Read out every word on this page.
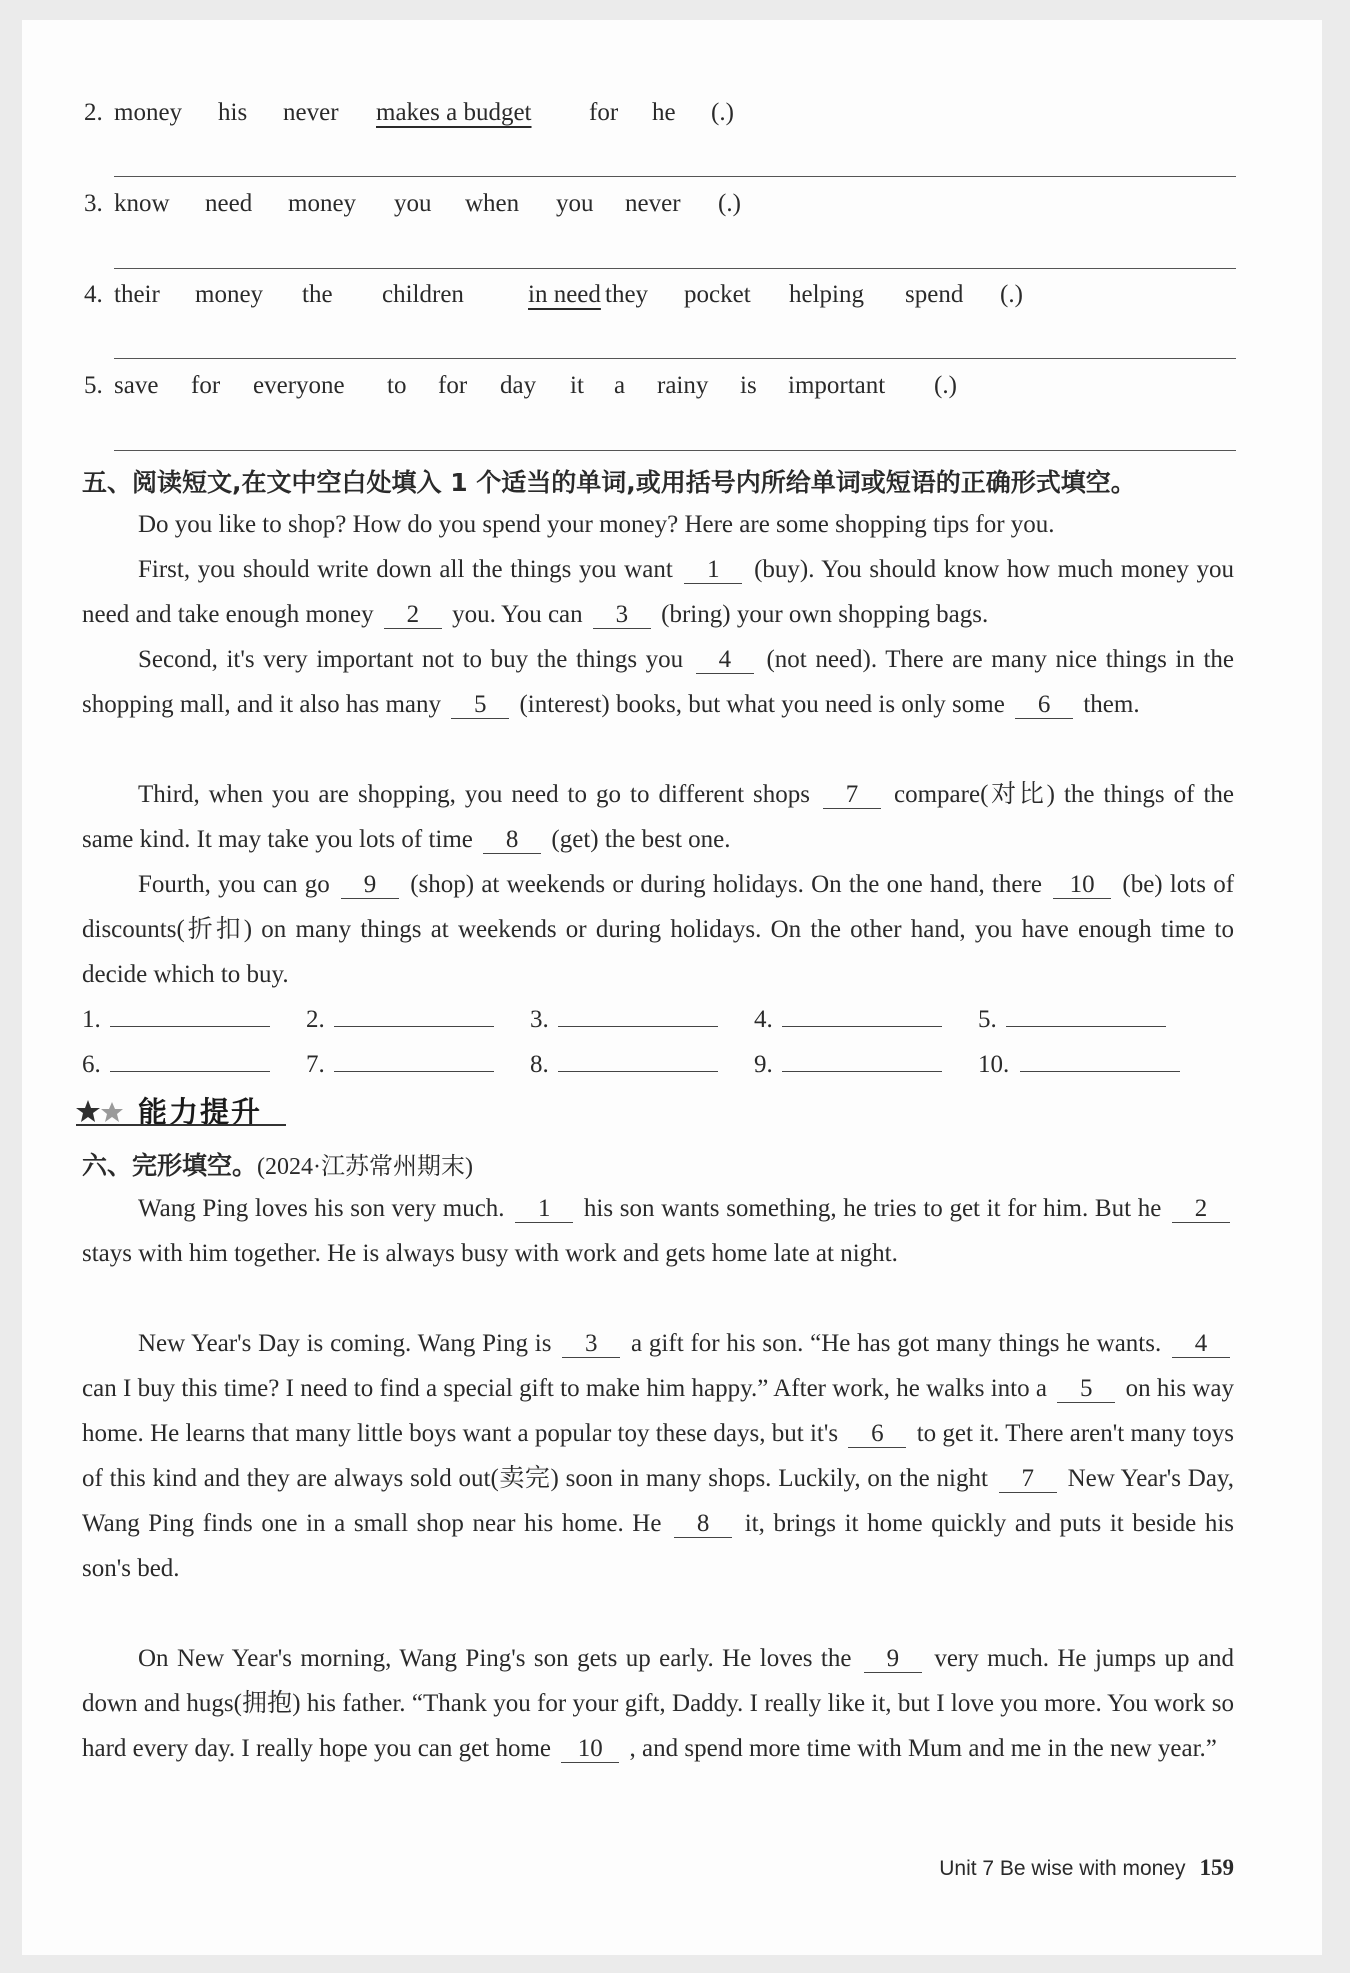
2. money his never makes a budget for he (.)
3. know need money you when you never (.)
4. their money the children	in need they pocket helping spend (.)
5. save for everyone to for day it a rainy is important (.)
五、阅读短文,在文中空白处填入 1 个适当的单词,或用括号内所给单词或短语的正确形式填空。
Do you like to shop? How do you spend your money? Here are some shopping tips for you.
First, you should write down all the things you want 1 (buy). You should know how much money you need and take enough money 2 you. You can 3 (bring) your own shopping bags.
Second, it's very important not to buy the things you 4 (not need). There are many nice things in the shopping mall, and it also has many 5 (interest) books, but what you need is only some 6 them.
Third, when you are shopping, you need to go to different shops 7 compare(对比) the things of the same kind. It may take you lots of time 8 (get) the best one.
Fourth, you can go 9 (shop) at weekends or during holidays. On the one hand, there 10 (be) lots of discounts(折扣) on many things at weekends or during holidays. On the other hand, you have enough time to decide which to buy.
1.	2.	3.	4.	5.
6.	7.	8.	9.	10.
能力提升
六、完形填空。(2024·江苏常州期末)
Wang Ping loves his son very much. 1 his son wants something, he tries to get it for him. But he 2 stays with him together. He is always busy with work and gets home late at night.
New Year's Day is coming. Wang Ping is 3 a gift for his son. “He has got many things he wants. 4 can I buy this time? I need to find a special gift to make him happy.” After work, he walks into a 5 on his way home. He learns that many little boys want a popular toy these days, but it's 6 to get it. There aren't many toys of this kind and they are always sold out(卖完) soon in many shops. Luckily, on the night 7 New Year's Day, Wang Ping finds one in a small shop near his home. He 8 it, brings it home quickly and puts it beside his son's bed.
On New Year's morning, Wang Ping's son gets up early. He loves the 9 very much. He jumps up and down and hugs(拥抱) his father. “Thank you for your gift, Daddy. I really like it, but I love you more. You work so hard every day. I really hope you can get home 10 , and spend more time with Mum and me in the new year.”
Unit 7 Be wise with money 159
